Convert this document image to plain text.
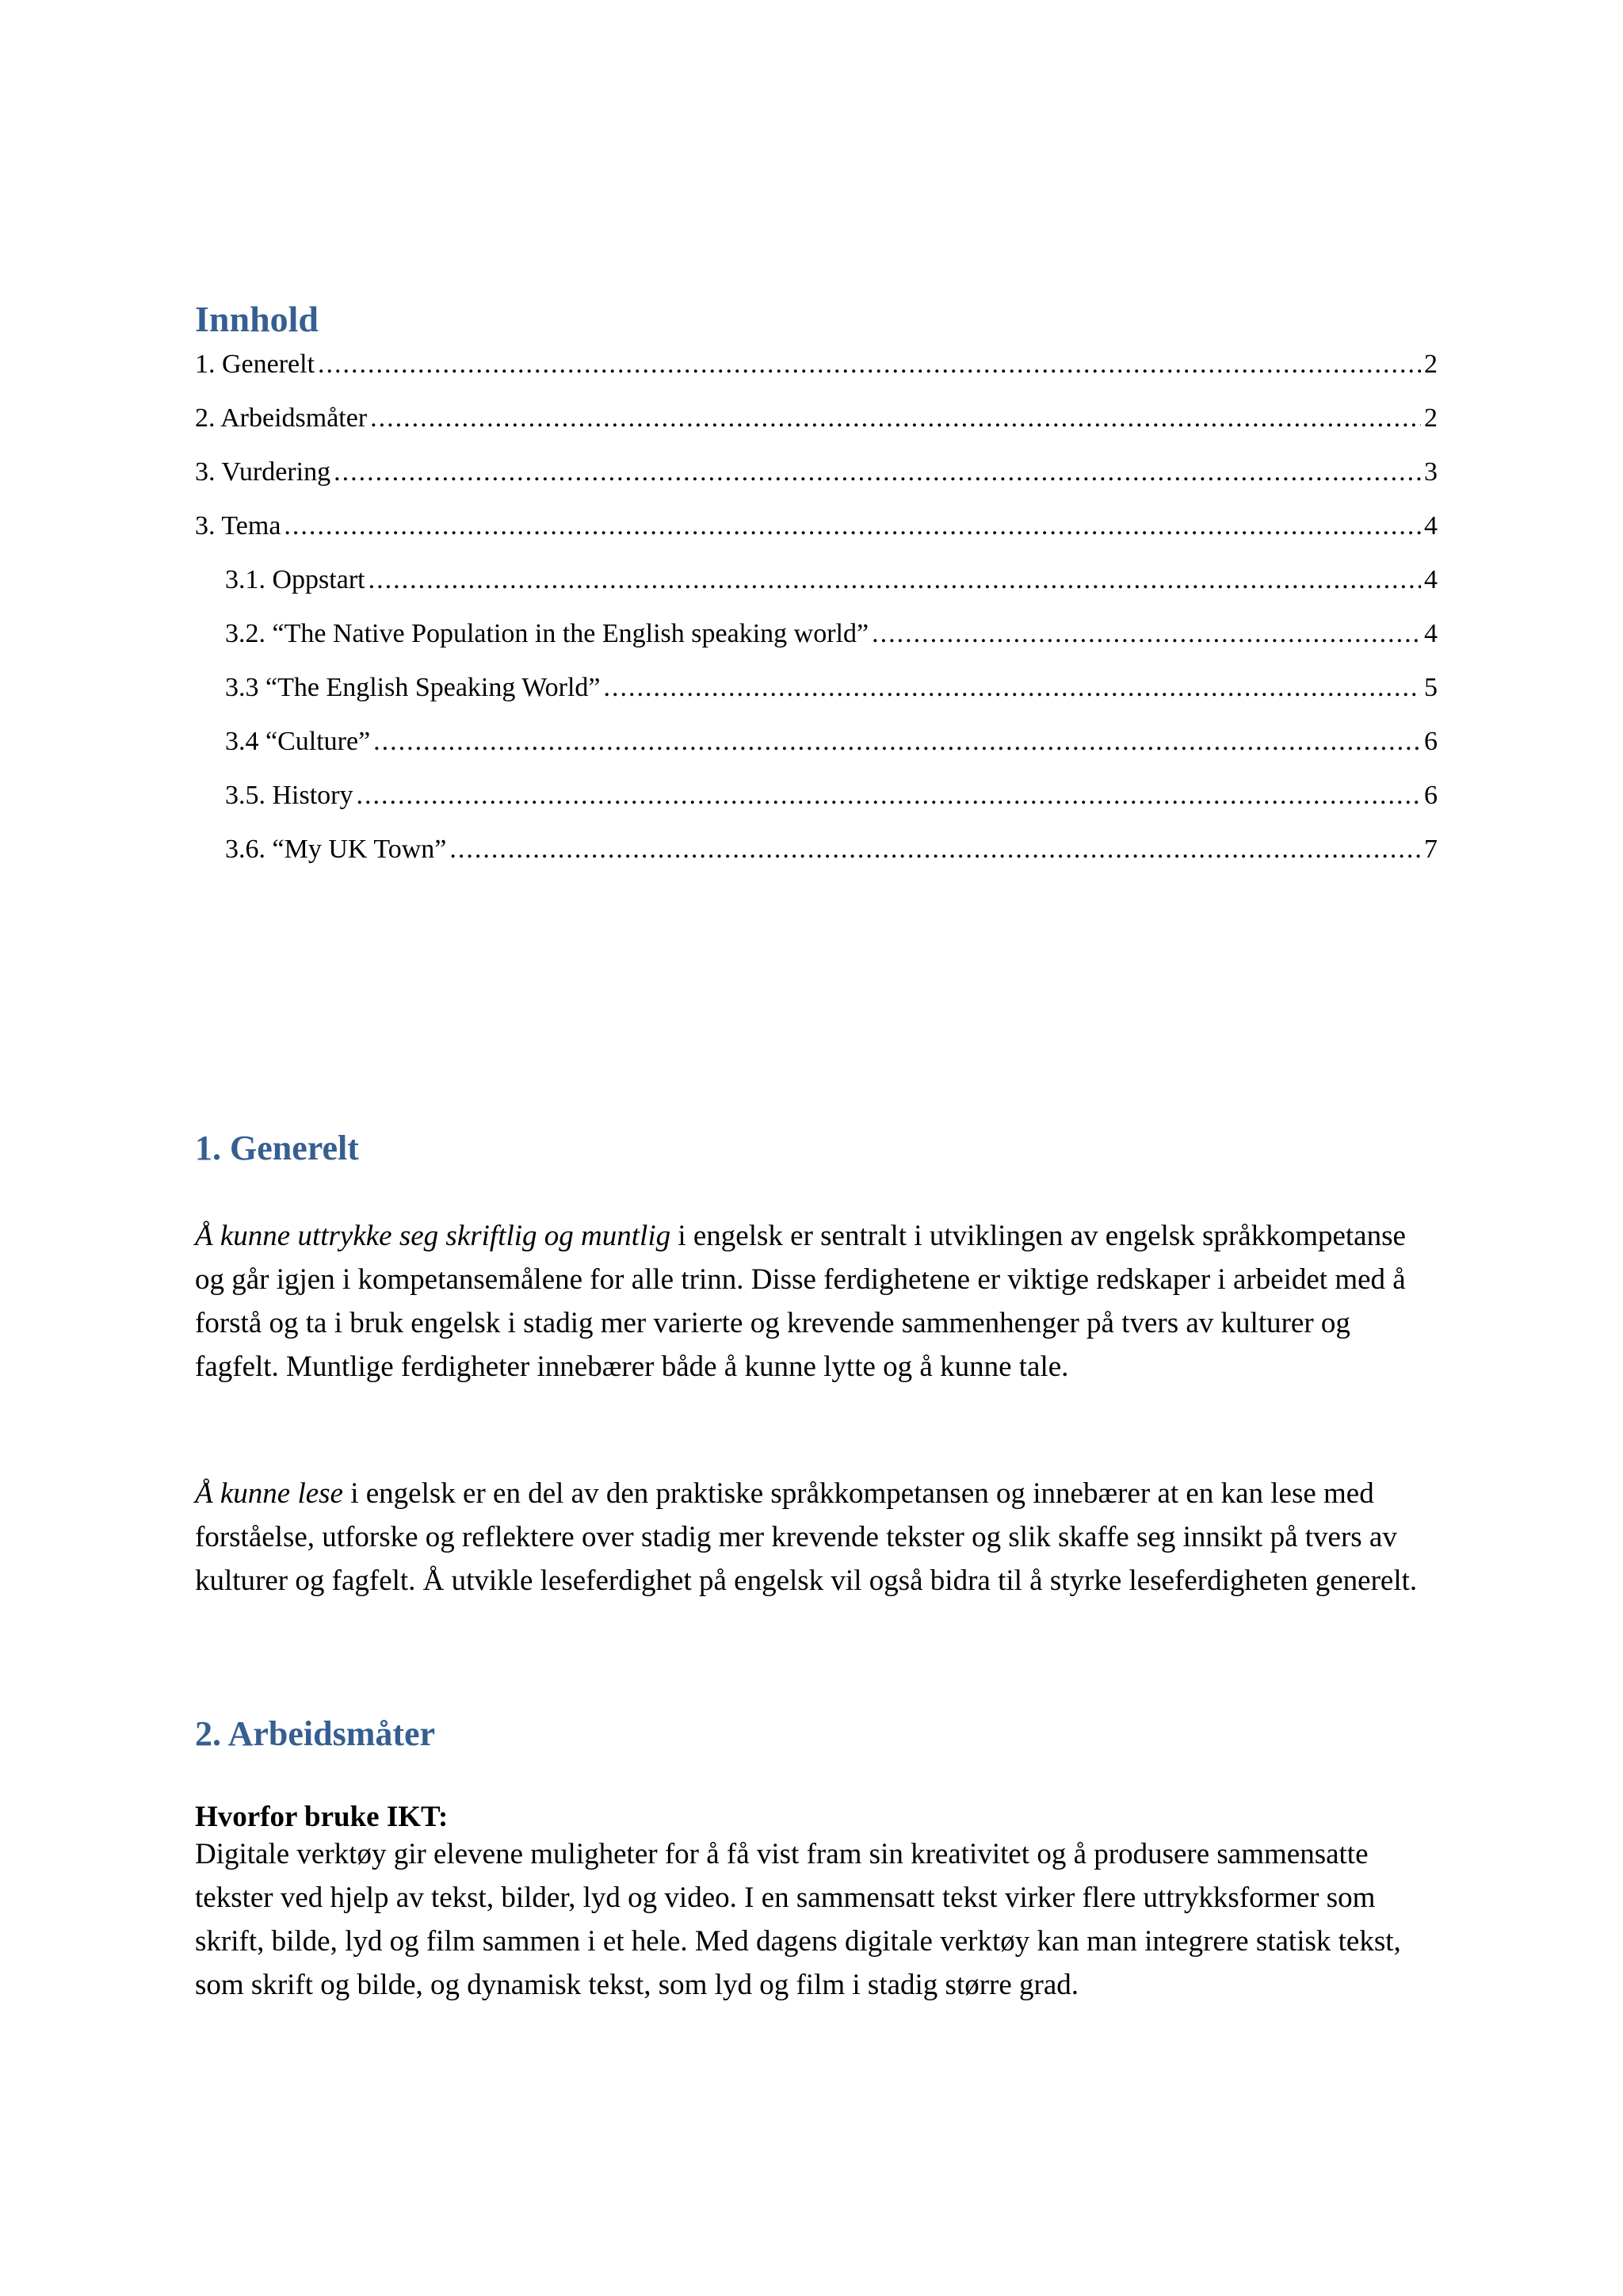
Innhold
1. Generelt .....	2
2. Arbeidsmåter .....	2
3. Vurdering .....	3
3. Tema .....	4
3.1. Oppstart .....	4
3.2. “The Native Population in the English speaking world” .....	4
3.3 “The English Speaking World” .....	5
3.4 “Culture” .....	6
3.5. History .....	6
3.6. “My UK Town” .....	7
1. Generelt

Å kunne uttrykke seg skriftlig og muntlig i engelsk er sentralt i utviklingen av engelsk språkkompetanse og går igjen i kompetansemålene for alle trinn. Disse ferdighetene er viktige redskaper i arbeidet med å forstå og ta i bruk engelsk i stadig mer varierte og krevende sammenhenger på tvers av kulturer og fagfelt. Muntlige ferdigheter innebærer både å kunne lytte og å kunne tale.

Å kunne lese i engelsk er en del av den praktiske språkkompetansen og innebærer at en kan lese med forståelse, utforske og reflektere over stadig mer krevende tekster og slik skaffe seg innsikt på tvers av kulturer og fagfelt. Å utvikle leseferdighet på engelsk vil også bidra til å styrke leseferdigheten generelt.

2. Arbeidsmåter
Hvorfor bruke IKT:

Digitale verktøy gir elevene muligheter for å få vist fram sin kreativitet og å produsere sammensatte tekster ved hjelp av tekst, bilder, lyd og video. I en sammensatt tekst virker flere uttrykksformer som skrift, bilde, lyd og film sammen i et hele. Med dagens digitale verktøy kan man integrere statisk tekst, som skrift og bilde, og dynamisk tekst, som lyd og film i stadig større grad.
